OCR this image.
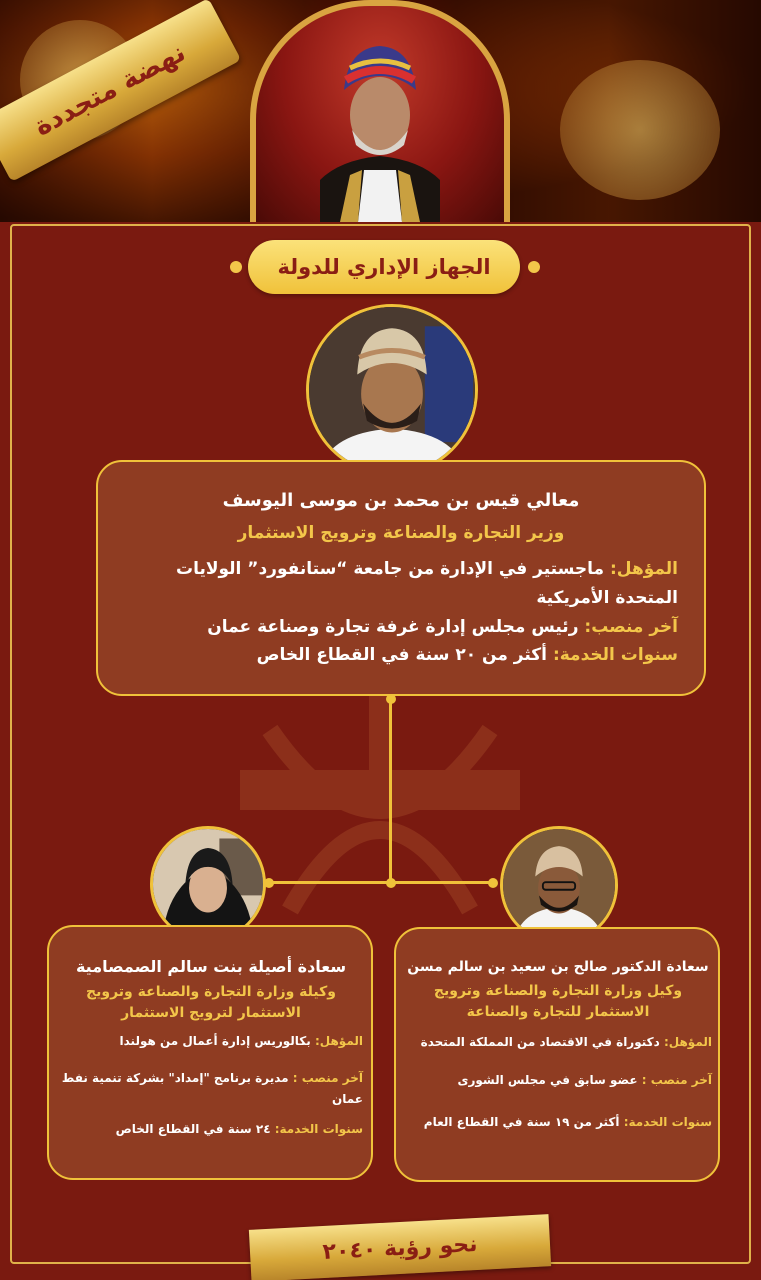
نهضة متجددة
الجهاز الإداري للدولة
معالي قيس بن محمد بن موسى اليوسف
وزير التجارة والصناعة وترويج الاستثمار
المؤهل: ماجستير في الإدارة من جامعة “ستانفورد” الولايات المتحدة الأمريكية
آخر منصب: رئيس مجلس إدارة غرفة تجارة وصناعة عمان
سنوات الخدمة: أكثر من ٢٠ سنة في القطاع الخاص
سعادة أصيلة بنت سالم الصمصامية
وكيلة وزارة التجارة والصناعة وترويج الاستثمار لترويج الاستثمار
المؤهل: بكالوريس إدارة أعمال من هولندا
آخر منصب : مديرة برنامج "إمداد" بشركة تنمية نفط عمان
سنوات الخدمة: ٢٤ سنة في القطاع الخاص
سعادة الدكتور صالح بن سعيد بن سالم مسن
وكيل وزارة التجارة والصناعة وترويج الاستثمار للتجارة والصناعة
المؤهل: دكتوراة في الاقتصاد من المملكة المتحدة
آخر منصب : عضو سابق في مجلس الشورى
سنوات الخدمة: أكثر من ١٩ سنة في القطاع العام
نحو رؤية ٢٠٤٠
